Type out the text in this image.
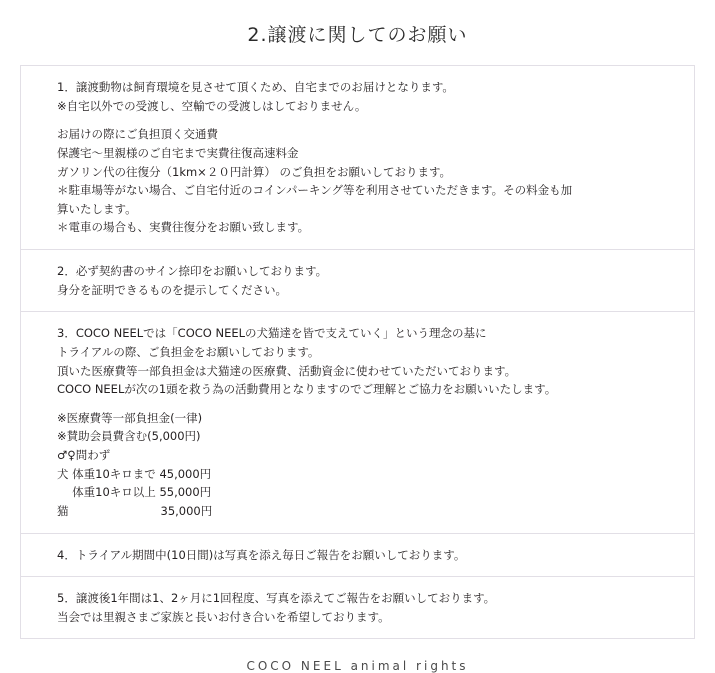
2.譲渡に関してのお願い

1．譲渡動物は飼育環境を見させて頂くため、自宅までのお届けとなります。

※自宅以外での受渡し、空輸での受渡しはしておりません。

お届けの際にご負担頂く交通費

保護宅〜里親様のご自宅まで実費往復高速料金

ガソリン代の往復分（1km×２０円計算） のご負担をお願いしております。

＊駐車場等がない場合、ご自宅付近のコインパーキング等を利用させていただきます。その料金も加

算いたします。

＊電車の場合も、実費往復分をお願い致します。

2．必ず契約書のサイン捺印をお願いしております。

身分を証明できるものを提示してください。

3．COCO NEELでは「COCO NEELの犬猫達を皆で支えていく」という理念の基に

トライアルの際、ご負担金をお願いしております。

頂いた医療費等一部負担金は犬猫達の医療費、活動資金に使わせていただいております。

COCO NEELが次の1頭を救う為の活動費用となりますのでご理解とご協力をお願いいたします。

※医療費等一部負担金(一律)

※賛助会員費含む(5,000円)

♂♀問わず

犬 体重10キロまで 45,000円

　 体重10キロ以上 55,000円

猫　　　　　　　　35,000円

4．トライアル期間中(10日間)は写真を添え毎日ご報告をお願いしております。

5．譲渡後1年間は1、2ヶ月に1回程度、写真を添えてご報告をお願いしております。

当会では里親さまご家族と長いお付き合いを希望しております。

COCO NEEL animal rights
